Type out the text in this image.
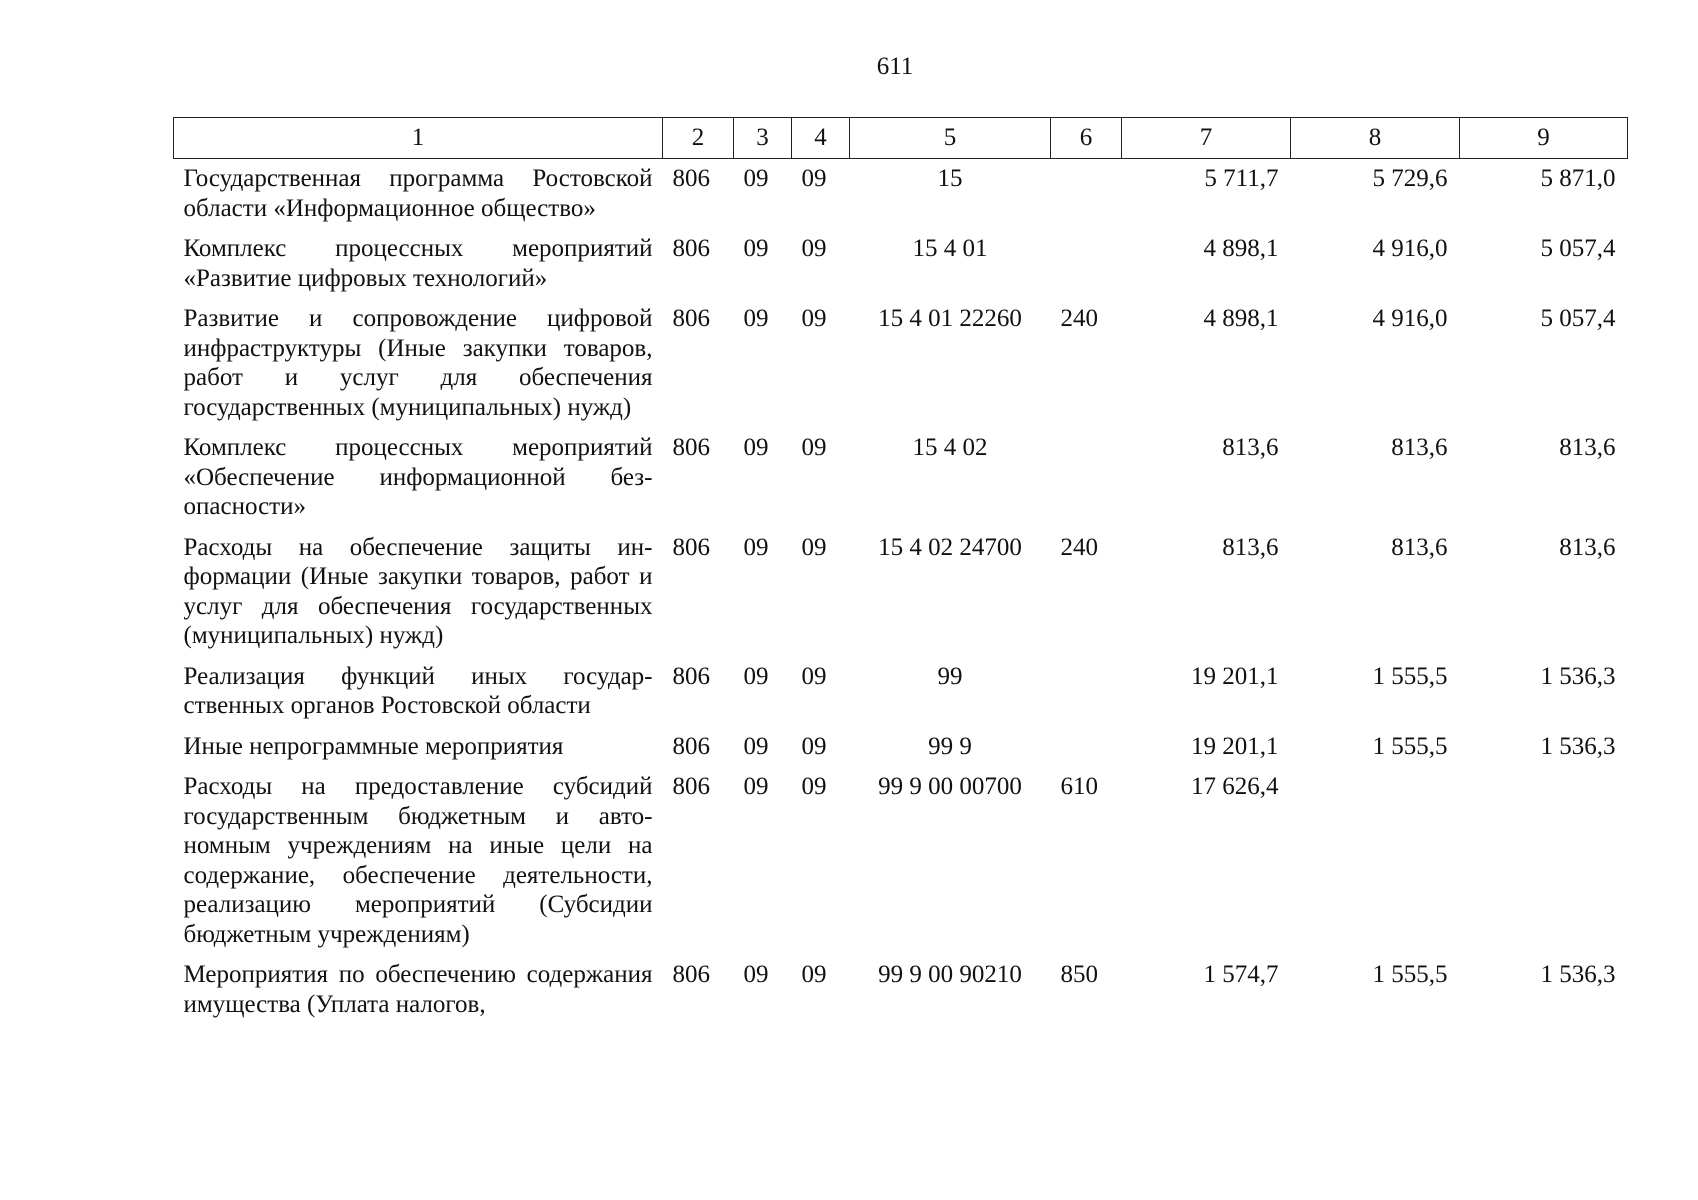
611
1	2	3	4	5	6	7	8	9
Государственная программа Ростовской области «Информационное общество»	806	09	09	15		5 711,7	5 729,6	5 871,0
Комплекс процессных мероприятий «Развитие цифровых технологий»	806	09	09	15 4 01		4 898,1	4 916,0	5 057,4
Развитие и сопровождение цифровой инфраструктуры (Иные закупки товаров, работ и услуг для обеспечения государственных (муниципальных) нужд)	806	09	09	15 4 01 22260	240	4 898,1	4 916,0	5 057,4
Комплекс процессных мероприятий «Обеспечение информационной безопасности»	806	09	09	15 4 02		813,6	813,6	813,6
Расходы на обеспечение защиты информации (Иные закупки товаров, работ и услуг для обеспечения государственных (муниципальных) нужд)	806	09	09	15 4 02 24700	240	813,6	813,6	813,6
Реализация функций иных государственных органов Ростовской области	806	09	09	99		19 201,1	1 555,5	1 536,3
Иные непрограммные мероприятия	806	09	09	99 9		19 201,1	1 555,5	1 536,3
Расходы на предоставление субсидий государственным бюджетным и автономным учреждениям на иные цели на содержание, обеспечение деятельности, реализацию мероприятий (Субсидии бюджетным учреждениям)	806	09	09	99 9 00 00700	610	17 626,4		
Мероприятия по обеспечению содержания имущества (Уплата налогов,	806	09	09	99 9 00 90210	850	1 574,7	1 555,5	1 536,3
